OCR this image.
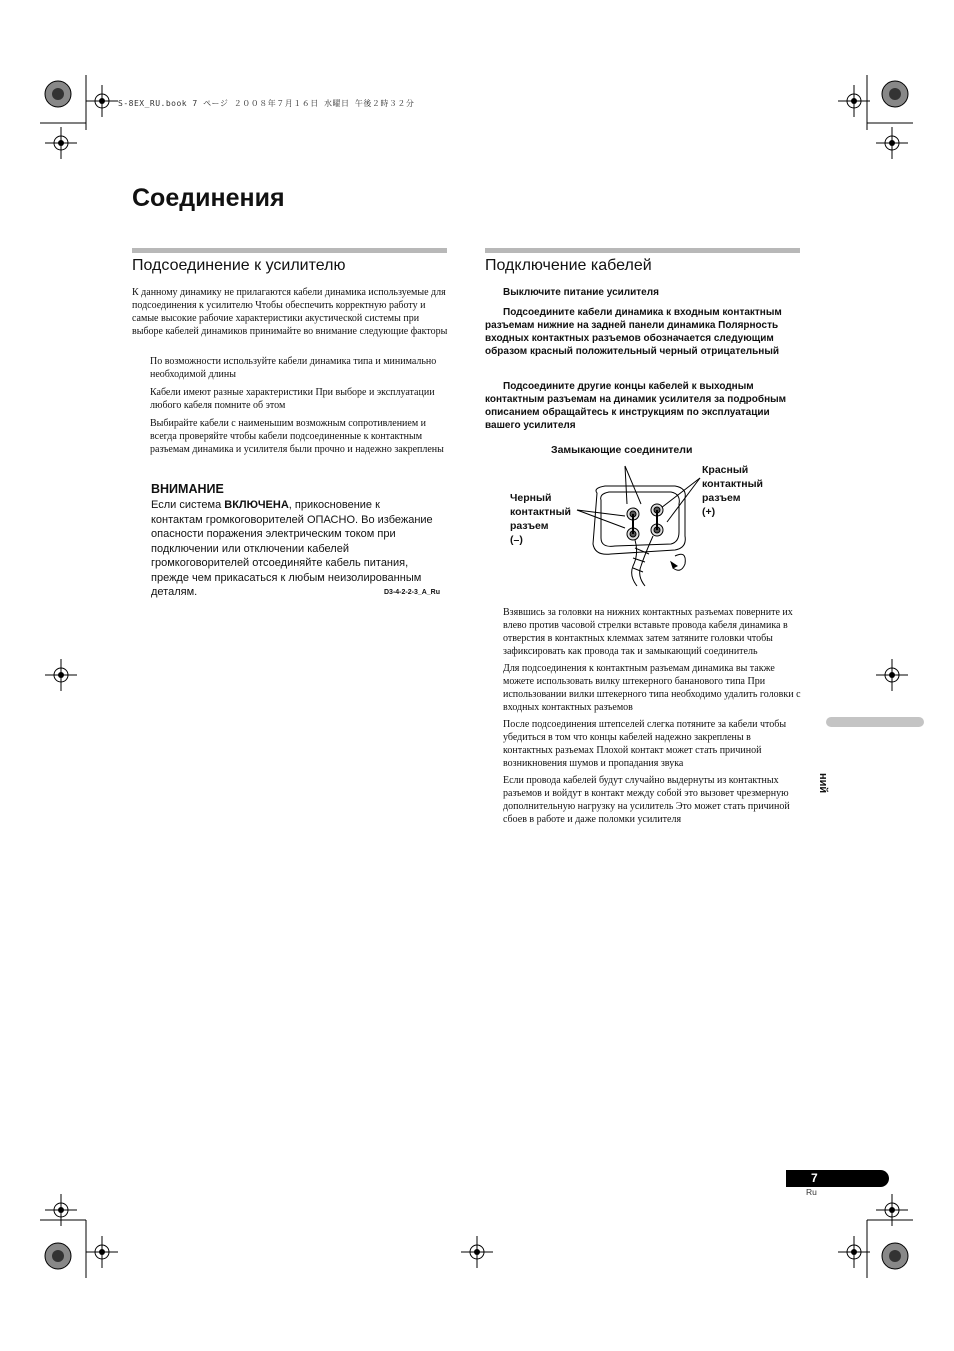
S-8EX_RU.book 7 ページ ２００８年７月１６日 水曜日 午後２時３２分
Соединения
Подсоединение к усилителю

К данному динамику не прилагаются кабели динамика используемые для подсоединения к усилителю Чтобы обеспечить корректную работу и самые высокие рабочие характеристики акустической системы при выборе кабелей динамиков принимайте во внимание следующие факторы

По возможности используйте кабели динамика типа и минимально необходимой длины

Кабели имеют разные характеристики При выборе и эксплуатации любого кабеля помните об этом

Выбирайте кабели с наименьшим возможным сопротивлением и всегда проверяйте чтобы кабели подсоединенные к контактным разъемам динамика и усилителя были прочно и надежно закреплены

ВНИМАНИЕ
Если система ВКЛЮЧЕНА, прикосновение к контактам громкоговорителей ОПАСНО. Во избежание опасности поражения электрическим током при подключении или отключении кабелей громкоговорителей отсоединяйте кабель питания, прежде чем прикасаться к любым неизолированным деталям.	D3-4-2-2-3_A_Ru
Подключение кабелей
Выключите питание усилителя
Подсоедините кабели динамика к входным контактным разъемам нижние на задней панели динамика Полярность входных контактных разъемов обозначается следующим образом красный положительный черный отрицательный
Подсоедините другие концы кабелей к выходным контактным разъемам на динамик усилителя за подробным описанием обращайтесь к инструкциям по эксплуатации вашего усилителя
Замыкающие соединители
Красный
контактный
разъем
(+)
Черный
контактный
разъем
(–)

Взявшись за головки на нижних контактных разъемах поверните их влево против часовой стрелки вставьте провода кабеля динамика в отверстия в контактных клеммах затем затяните головки чтобы зафиксировать как провода так и замыкающий соединитель

Для подсоединения к контактным разъемам динамика вы также можете использовать вилку штекерного бананового типа При использовании вилки штекерного типа необходимо удалить головки с входных контактных разъемов

После подсоединения штепселей слегка потяните за кабели чтобы убедиться в том что концы кабелей надежно закреплены в контактных разъемах Плохой контакт может стать причиной возникновения шумов и пропадания звука

Если провода кабелей будут случайно выдернуты из контактных разъемов и войдут в контакт между собой это вызовет чрезмерную дополнительную нагрузку на усилитель Это может стать причиной сбоев в работе и даже поломки усилителя

ний
7
Ru
